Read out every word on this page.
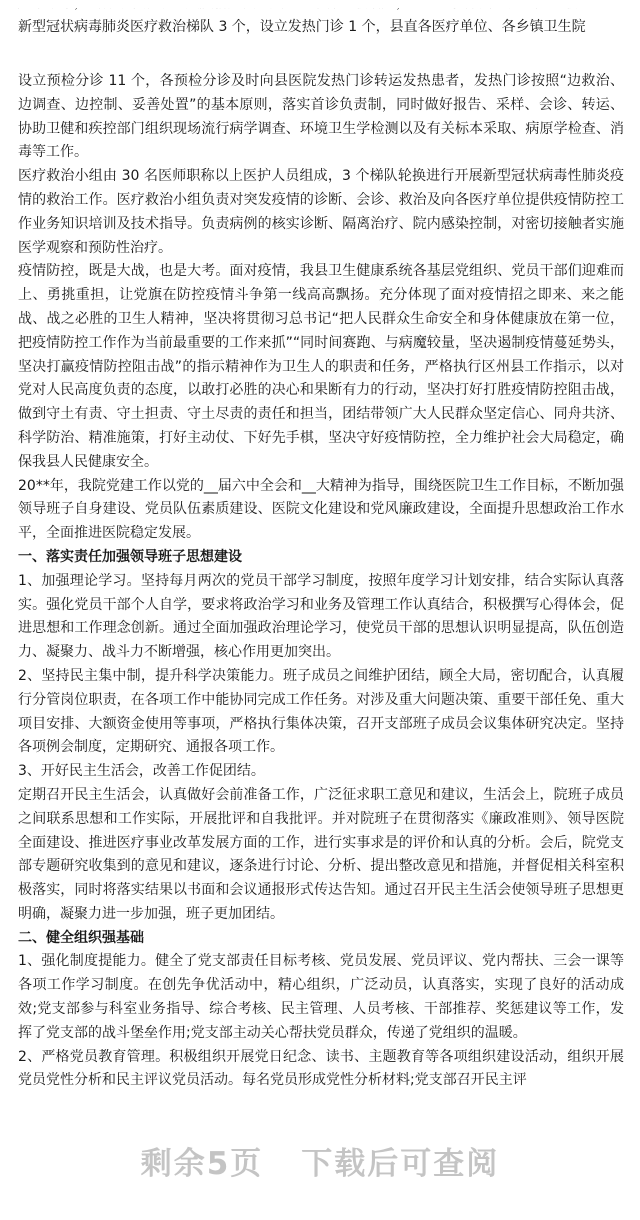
新型冠状病毒肺炎医疗救治梯队 3 个，设立发热门诊 1 个，县直各医疗单位、各乡镇卫生院

设立预检分诊 11 个，各预检分诊及时向县医院发热门诊转运发热患者，发热门诊按照“边救治、边调查、边控制、妥善处置”的基本原则，落实首诊负责制，同时做好报告、采样、会诊、转运、协助卫健和疾控部门组织现场流行病学调查、环境卫生学检测以及有关标本采取、病原学检查、消毒等工作。

医疗救治小组由 30 名医师职称以上医护人员组成，3 个梯队轮换进行开展新型冠状病毒性肺炎疫情的救治工作。医疗救治小组负责对突发疫情的诊断、会诊、救治及向各医疗单位提供疫情防控工作业务知识培训及技术指导。负责病例的核实诊断、隔离治疗、院内感染控制，对密切接触者实施医学观察和预防性治疗。

疫情防控，既是大战，也是大考。面对疫情，我县卫生健康系统各基层党组织、党员干部们迎难而上、勇挑重担，让党旗在防控疫情斗争第一线高高飘扬。充分体现了面对疫情招之即来、来之能战、战之必胜的卫生人精神，坚决将贯彻习总书记“把人民群众生命安全和身体健康放在第一位，把疫情防控工作作为当前最重要的工作来抓”“同时间赛跑、与病魔较量，坚决遏制疫情蔓延势头，坚决打赢疫情防控阻击战”的指示精神作为卫生人的职责和任务，严格执行区州县工作指示，以对党对人民高度负责的态度，以敢打必胜的决心和果断有力的行动，坚决打好打胜疫情防控阻击战，做到守土有责、守土担责、守土尽责的责任和担当，团结带领广大人民群众坚定信心、同舟共济、科学防治、精准施策，打好主动仗、下好先手棋，坚决守好疫情防控，全力维护社会大局稳定，确保我县人民健康安全。

20**年，我院党建工作以党的__届六中全会和__大精神为指导，围绕医院卫生工作目标，不断加强领导班子自身建设、党员队伍素质建设、医院文化建设和党风廉政建设，全面提升思想政治工作水平，全面推进医院稳定发展。

一、落实责任加强领导班子思想建设

1、加强理论学习。坚持每月两次的党员干部学习制度，按照年度学习计划安排，结合实际认真落实。强化党员干部个人自学，要求将政治学习和业务及管理工作认真结合，积极撰写心得体会，促进思想和工作理念创新。通过全面加强政治理论学习，使党员干部的思想认识明显提高，队伍创造力、凝聚力、战斗力不断增强，核心作用更加突出。

2、坚持民主集中制，提升科学决策能力。班子成员之间维护团结，顾全大局，密切配合，认真履行分管岗位职责，在各项工作中能协同完成工作任务。对涉及重大问题决策、重要干部任免、重大项目安排、大额资金使用等事项，严格执行集体决策，召开支部班子成员会议集体研究决定。坚持各项例会制度，定期研究、通报各项工作。

3、开好民主生活会，改善工作促团结。

定期召开民主生活会，认真做好会前准备工作，广泛征求职工意见和建议，生活会上，院班子成员之间联系思想和工作实际，开展批评和自我批评。并对院班子在贯彻落实《廉政准则》、领导医院全面建设、推进医疗事业改革发展方面的工作，进行实事求是的评价和认真的分析。会后，院党支部专题研究收集到的意见和建议，逐条进行讨论、分析、提出整改意见和措施，并督促相关科室积极落实，同时将落实结果以书面和会议通报形式传达告知。通过召开民主生活会使领导班子思想更明确，凝聚力进一步加强，班子更加团结。

二、健全组织强基础

1、强化制度提能力。健全了党支部责任目标考核、党员发展、党员评议、党内帮扶、三会一课等各项工作学习制度。在创先争优活动中，精心组织，广泛动员，认真落实，实现了良好的活动成效;党支部参与科室业务指导、综合考核、民主管理、人员考核、干部推荐、奖惩建议等工作，发挥了党支部的战斗堡垒作用;党支部主动关心帮扶党员群众，传递了党组织的温暖。

2、严格党员教育管理。积极组织开展党日纪念、读书、主题教育等各项组织建设活动，组织开展党员党性分析和民主评议党员活动。每名党员形成党性分析材料;党支部召开民主评

剩余5页 下载后可查阅
